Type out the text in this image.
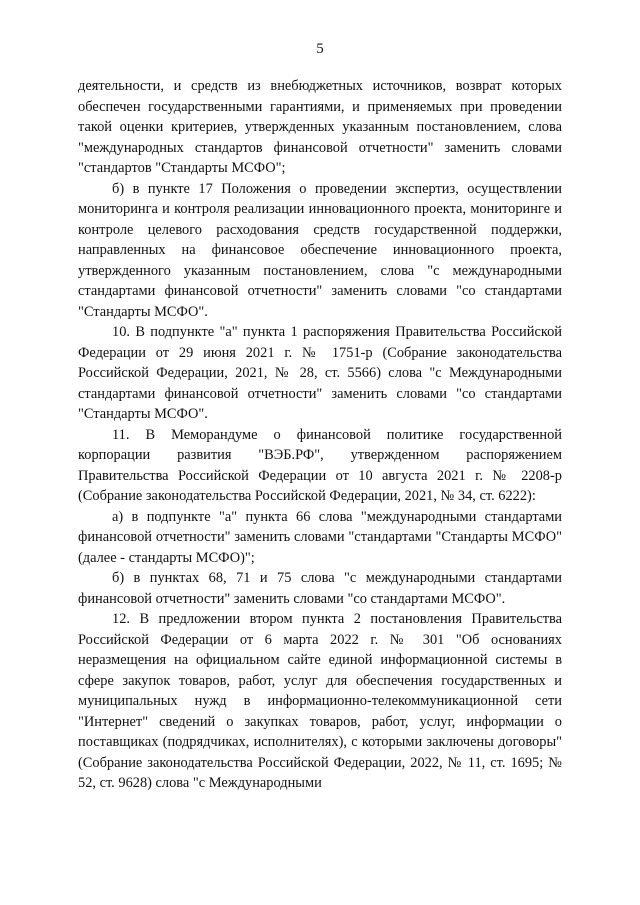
5

деятельности, и средств из внебюджетных источников, возврат которых обеспечен государственными гарантиями, и применяемых при проведении такой оценки критериев, утвержденных указанным постановлением, слова "международных стандартов финансовой отчетности" заменить словами "стандартов "Стандарты МСФО";

б) в пункте 17 Положения о проведении экспертиз, осуществлении мониторинга и контроля реализации инновационного проекта, мониторинге и контроле целевого расходования средств государственной поддержки, направленных на финансовое обеспечение инновационного проекта, утвержденного указанным постановлением, слова "с международными стандартами финансовой отчетности" заменить словами "со стандартами "Стандарты МСФО".

10. В подпункте "а" пункта 1 распоряжения Правительства Российской Федерации от 29 июня 2021 г. № 1751-р (Собрание законодательства Российской Федерации, 2021, № 28, ст. 5566) слова "с Международными стандартами финансовой отчетности" заменить словами "со стандартами "Стандарты МСФО".

11. В Меморандуме о финансовой политике государственной корпорации развития "ВЭБ.РФ", утвержденном распоряжением Правительства Российской Федерации от 10 августа 2021 г. № 2208-р (Собрание законодательства Российской Федерации, 2021, № 34, ст. 6222):

а) в подпункте "а" пункта 66 слова "международными стандартами финансовой отчетности" заменить словами "стандартами "Стандарты МСФО" (далее - стандарты МСФО)";

б) в пунктах 68, 71 и 75 слова "с международными стандартами финансовой отчетности" заменить словами "со стандартами МСФО".

12. В предложении втором пункта 2 постановления Правительства Российской Федерации от 6 марта 2022 г. № 301 "Об основаниях неразмещения на официальном сайте единой информационной системы в сфере закупок товаров, работ, услуг для обеспечения государственных и муниципальных нужд в информационно-телекоммуникационной сети "Интернет" сведений о закупках товаров, работ, услуг, информации о поставщиках (подрядчиках, исполнителях), с которыми заключены договоры" (Собрание законодательства Российской Федерации, 2022, № 11, ст. 1695; № 52, ст. 9628) слова "с Международными
